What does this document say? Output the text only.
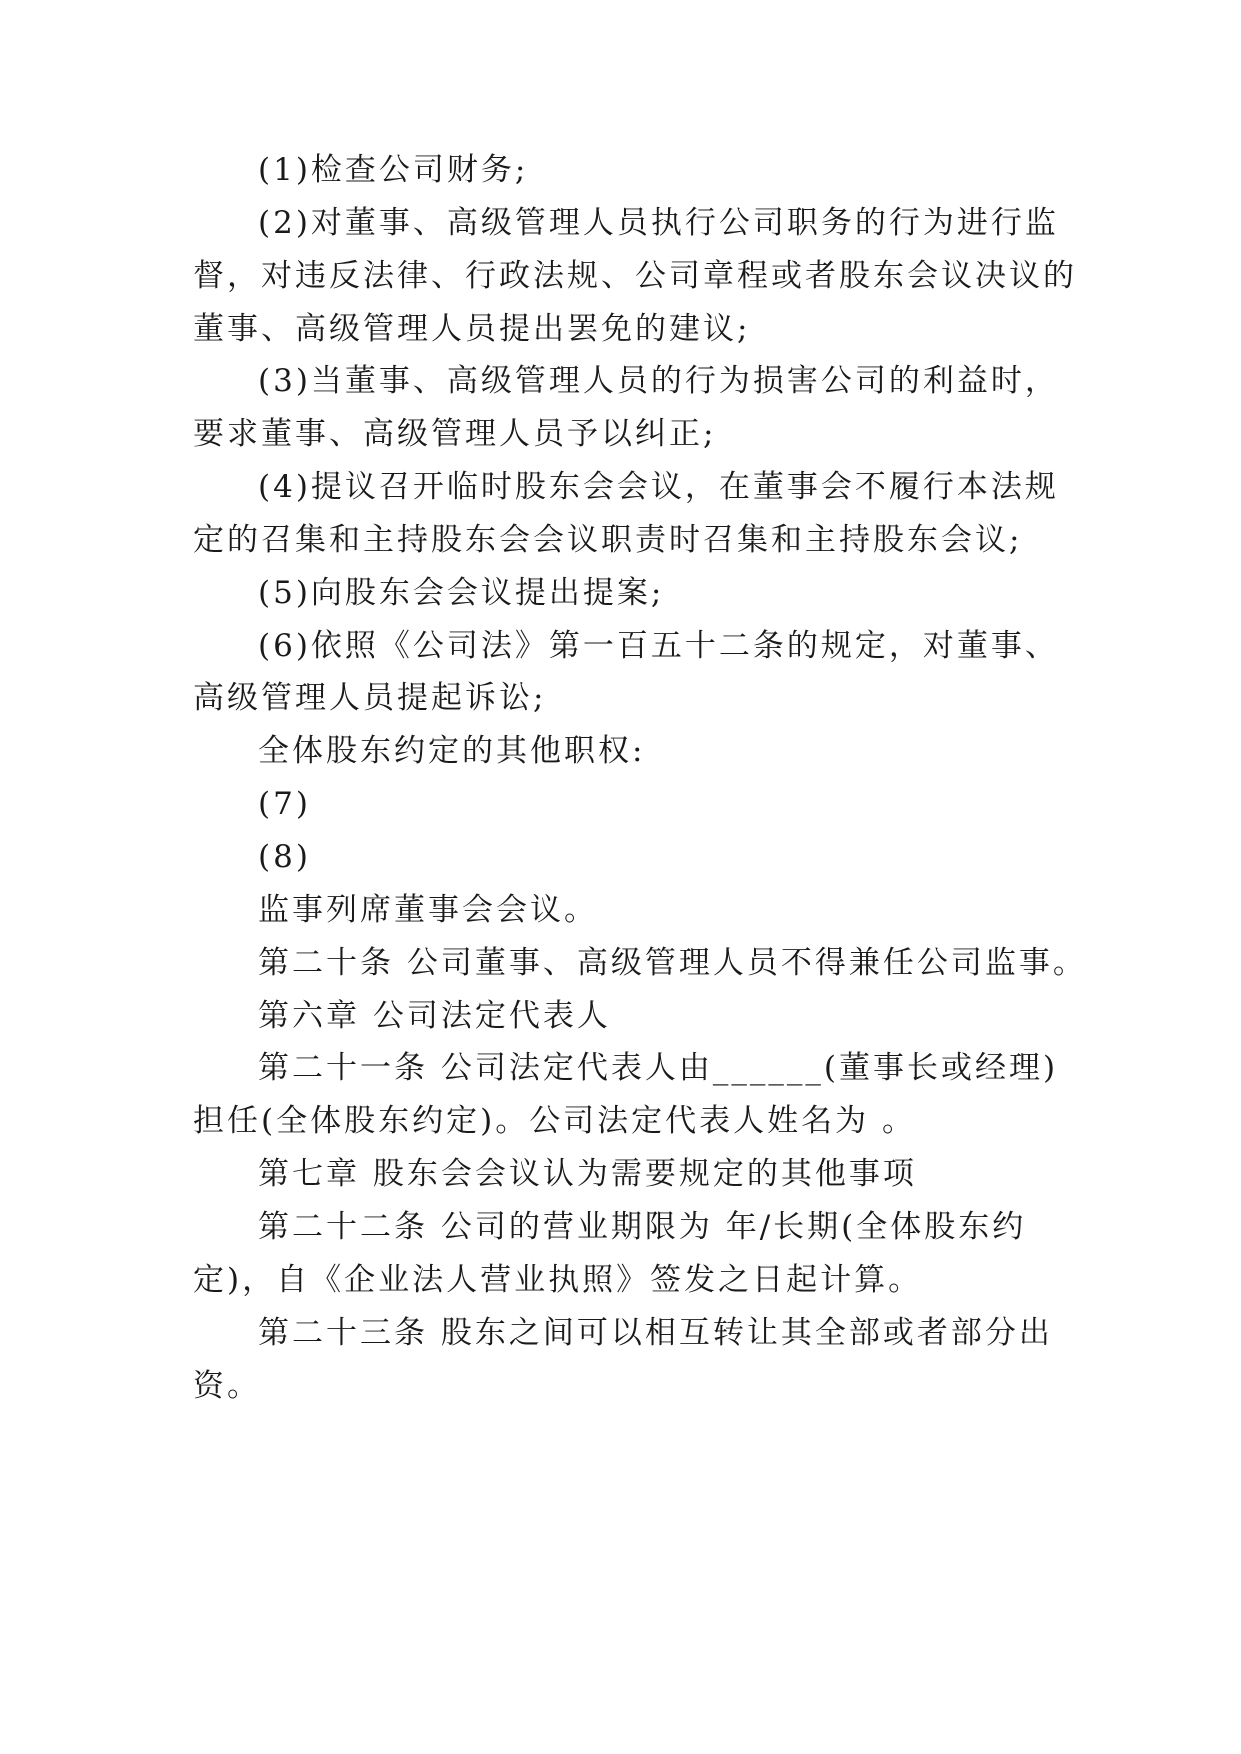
(1)检查公司财务;
(2)对董事、高级管理人员执行公司职务的行为进行监
督，对违反法律、行政法规、公司章程或者股东会议决议的
董事、高级管理人员提出罢免的建议;
(3)当董事、高级管理人员的行为损害公司的利益时，
要求董事、高级管理人员予以纠正;
(4)提议召开临时股东会会议，在董事会不履行本法规
定的召集和主持股东会会议职责时召集和主持股东会议;
(5)向股东会会议提出提案;
(6)依照《公司法》第一百五十二条的规定，对董事、
高级管理人员提起诉讼;
全体股东约定的其他职权:
(7)
(8)
监事列席董事会会议。
第二十条 公司董事、高级管理人员不得兼任公司监事。
第六章 公司法定代表人
第二十一条 公司法定代表人由______(董事长或经理)
担任(全体股东约定)。公司法定代表人姓名为 。
第七章 股东会会议认为需要规定的其他事项
第二十二条 公司的营业期限为 年/长期(全体股东约
定)，自《企业法人营业执照》签发之日起计算。
第二十三条 股东之间可以相互转让其全部或者部分出
资。
